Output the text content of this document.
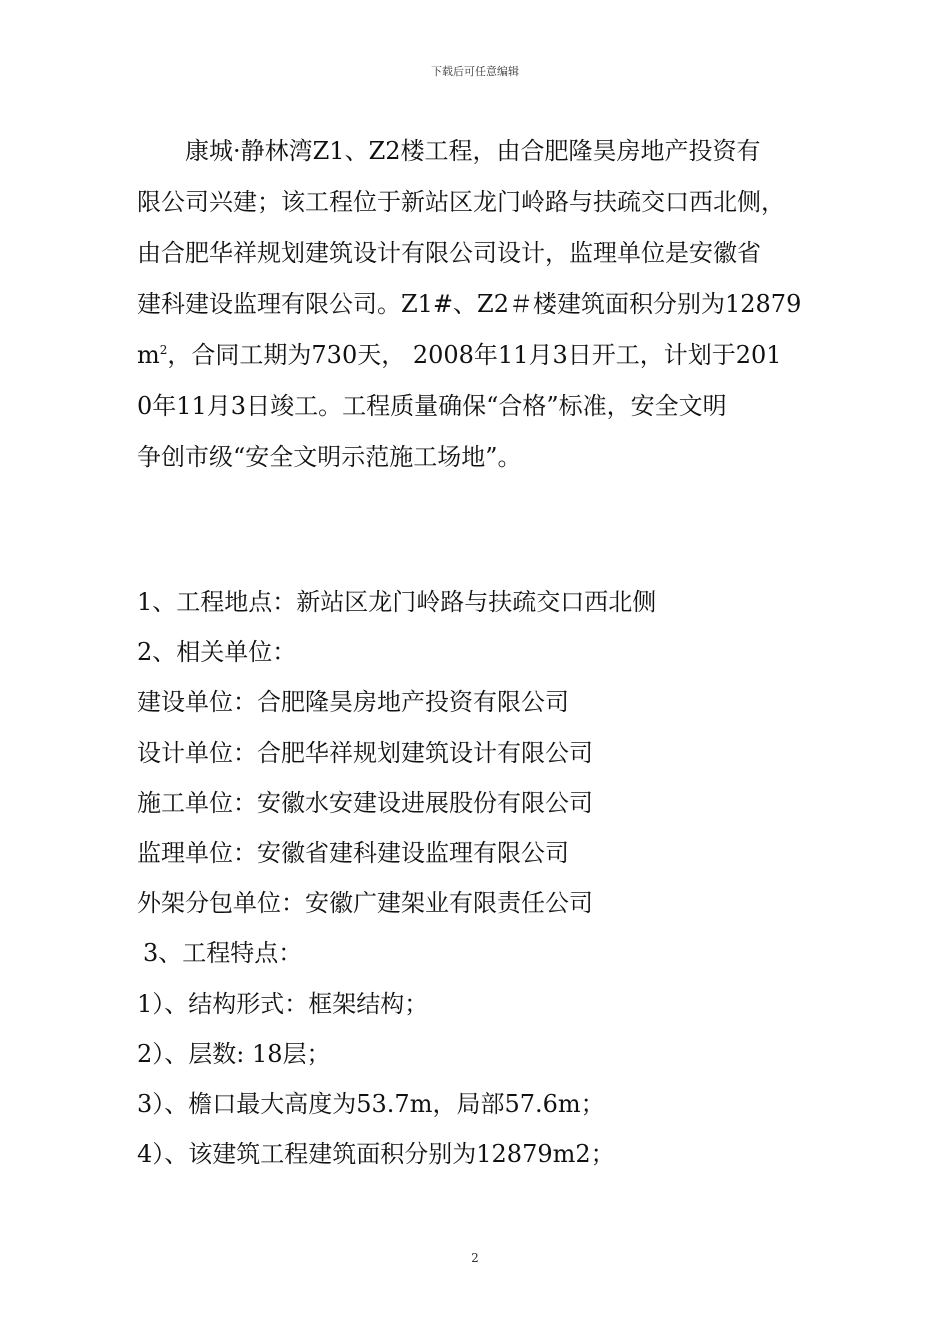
下载后可任意编辑
康城·静林湾Z1、Z2楼工程，由合肥隆昊房地产投资有
限公司兴建；该工程位于新站区龙门岭路与扶疏交口西北侧，
由合肥华祥规划建筑设计有限公司设计，监理单位是安徽省
建科建设监理有限公司。Z1#、Z2＃楼建筑面积分别为12879
$m^2$，合同工期为730天， 2008年11月3日开工，计划于201
0年11月3日竣工。工程质量确保“合格”标准，安全文明
争创市级“安全文明示范施工场地”。
1、工程地点：新站区龙门岭路与扶疏交口西北侧
2、相关单位：
建设单位：合肥隆昊房地产投资有限公司
设计单位：合肥华祥规划建筑设计有限公司
施工单位：安徽水安建设进展股份有限公司
监理单位：安徽省建科建设监理有限公司
外架分包单位：安徽广建架业有限责任公司
3、工程特点：
1）、结构形式：框架结构；
2）、层数: 18层；
3）、檐口最大高度为53.7m，局部57.6m；
4）、该建筑工程建筑面积分别为12879m2；
2
